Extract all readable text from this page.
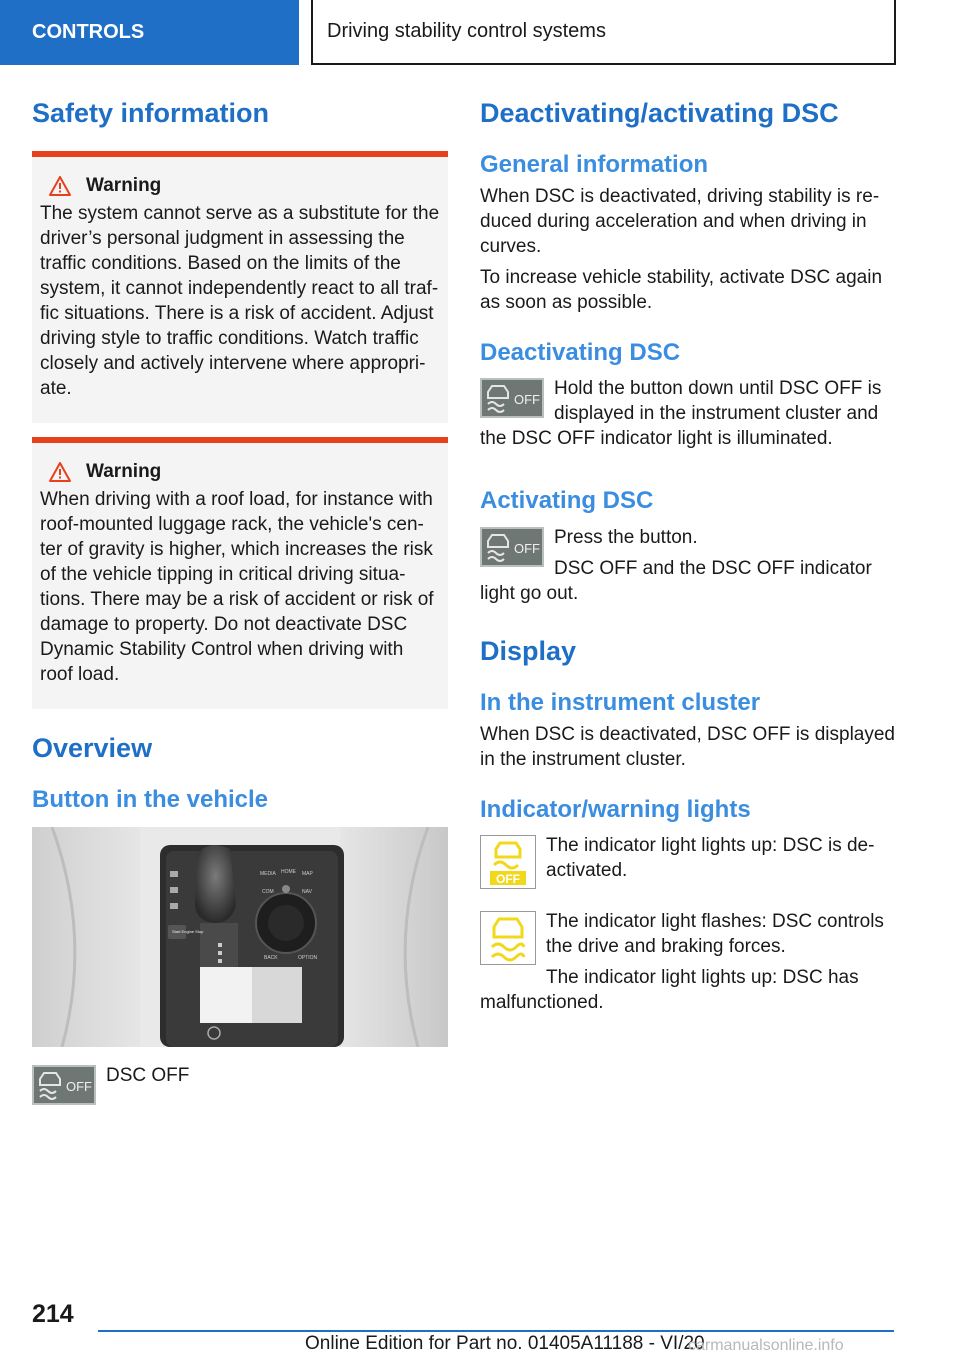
CONTROLS	Driving stability control systems
Safety information
Warning

The system cannot serve as a substitute for the driver’s personal judgment in assessing the traffic conditions. Based on the limits of the system, it cannot independently react to all traf- fic situations. There is a risk of accident. Adjust driving style to traffic conditions. Watch traffic closely and actively intervene where appropri- ate.

Warning

When driving with a roof load, for instance with roof-mounted luggage rack, the vehicle's cen- ter of gravity is higher, which increases the risk of the vehicle tipping in critical driving situa- tions. There may be a risk of accident or risk of damage to property. Do not deactivate DSC Dynamic Stability Control when driving with roof load.

Overview
Button in the vehicle
MEDIA HOME MAP
COM	NAV
BACK	OPTION
Start Engine Stop
OFF

DSC OFF

Deactivating/activating DSC
General information

When DSC is deactivated, driving stability is re- duced during acceleration and when driving in curves.

To increase vehicle stability, activate DSC again as soon as possible.

Deactivating DSC
OFF

Hold the button down until DSC OFF is displayed in the instrument cluster and the DSC OFF indicator light is illuminated.

Activating DSC
OFF

Press the button.

DSC OFF and the DSC OFF indicator light go out.

Display
In the instrument cluster

When DSC is deactivated, DSC OFF is displayed in the instrument cluster.

Indicator/warning lights
OFF

The indicator light lights up: DSC is de- activated.

The indicator light flashes: DSC controls the drive and braking forces.

The indicator light lights up: DSC has malfunctioned.

214
Online Edition for Part no. 01405A11188 - VI/20
carmanualsonline.info
